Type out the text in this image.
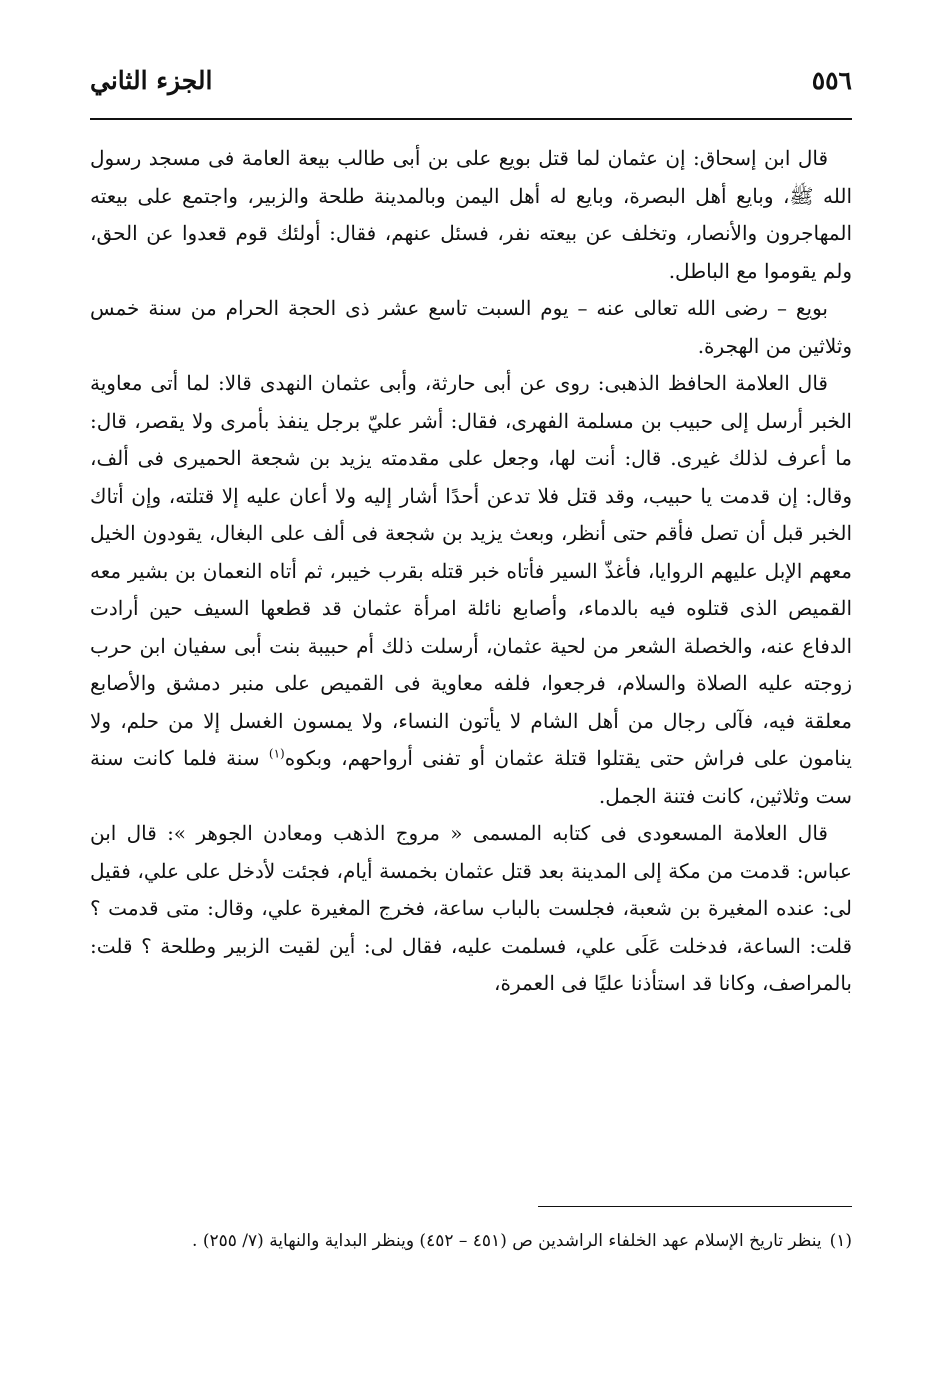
٥٥٦
الجزء الثاني

قال ابن إسحاق: إن عثمان لما قتل بويع على بن أبى طالب بيعة العامة فى مسجد رسول الله ﷺ، وبايع أهل البصرة، وبايع له أهل اليمن وبالمدينة طلحة والزبير، واجتمع على بيعته المهاجرون والأنصار، وتخلف عن بيعته نفر، فسئل عنهم، فقال: أولئك قوم قعدوا عن الحق، ولم يقوموا مع الباطل.

بويع – رضى الله تعالى عنه – يوم السبت تاسع عشر ذى الحجة الحرام من سنة خمس وثلاثين من الهجرة.

قال العلامة الحافظ الذهبى: روى عن أبى حارثة، وأبى عثمان النهدى قالا: لما أتى معاوية الخبر أرسل إلى حبيب بن مسلمة الفهرى، فقال: أشر عليّ برجل ينفذ بأمرى ولا يقصر، قال: ما أعرف لذلك غيرى. قال: أنت لها، وجعل على مقدمته يزيد بن شجعة الحميرى فى ألف، وقال: إن قدمت يا حبيب، وقد قتل فلا تدعن أحدًا أشار إليه ولا أعان عليه إلا قتلته، وإن أتاك الخبر قبل أن تصل فأقم حتى أنظر، وبعث يزيد بن شجعة فى ألف على البغال، يقودون الخيل معهم الإبل عليهم الروايا، فأغذّ السير فأتاه خبر قتله بقرب خيبر، ثم أتاه النعمان بن بشير معه القميص الذى قتلوه فيه بالدماء، وأصابع نائلة امرأة عثمان قد قطعها السيف حين أرادت الدفاع عنه، والخصلة الشعر من لحية عثمان، أرسلت ذلك أم حبيبة بنت أبى سفيان ابن حرب زوجته عليه الصلاة والسلام، فرجعوا، فلفه معاوية فى القميص على منبر دمشق والأصابع معلقة فيه، فآلى رجال من أهل الشام لا يأتون النساء، ولا يمسون الغسل إلا من حلم، ولا ينامون على فراش حتى يقتلوا قتلة عثمان أو تفنى أرواحهم، وبكوه$^{(١)}$ سنة فلما كانت سنة ست وثلاثين، كانت فتنة الجمل.

قال العلامة المسعودى فى كتابه المسمى « مروج الذهب ومعادن الجوهر »: قال ابن عباس: قدمت من مكة إلى المدينة بعد قتل عثمان بخمسة أيام، فجئت لأدخل على علي، فقيل لى: عنده المغيرة بن شعبة، فجلست بالباب ساعة، فخرج المغيرة علي، وقال: متى قدمت ؟ قلت: الساعة، فدخلت عَلَى علي، فسلمت عليه، فقال لى: أين لقيت الزبير وطلحة ؟ قلت: بالمراصف، وكانا قد استأذنا عليًا فى العمرة،

(١)ينظر تاريخ الإسلام عهد الخلفاء الراشدين ص (٤٥١ – ٤٥٢) وينظر البداية والنهاية (٧/ ٢٥٥) .
